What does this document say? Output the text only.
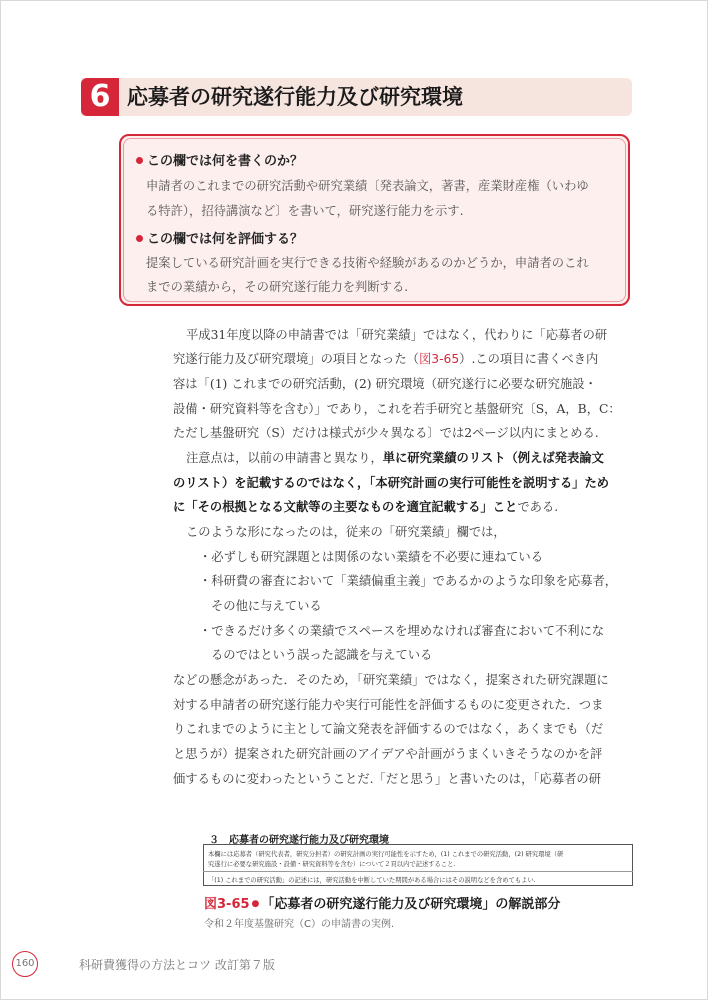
6 応募者の研究遂行能力及び研究環境
この欄では何を書くのか？
申請者のこれまでの研究活動や研究業績〔発表論文，著書，産業財産権（いわゆ
る特許），招待講演など〕を書いて，研究遂行能力を示す.
この欄では何を評価する？
提案している研究計画を実行できる技術や経験があるのかどうか，申請者のこれ
までの業績から，その研究遂行能力を判断する.
平成31年度以降の申請書では「研究業績」ではなく，代わりに「応募者の研
究遂行能力及び研究環境」の項目となった（図3-65）.この項目に書くべき内
容は「(1) これまでの研究活動，(2) 研究環境（研究遂行に必要な研究施設・
設備・研究資料等を含む）」であり，これを若手研究と基盤研究〔S，A，B，C：
ただし基盤研究（S）だけは様式が少々異なる〕では2ページ以内にまとめる.
注意点は，以前の申請書と異なり，単に研究業績のリスト（例えば発表論文
のリスト）を記載するのではなく，「本研究計画の実行可能性を説明する」ため
に「その根拠となる文献等の主要なものを適宜記載する」ことである.
このような形になったのは，従来の「研究業績」欄では，
・必ずしも研究課題とは関係のない業績を不必要に連ねている
・科研費の審査において「業績偏重主義」であるかのような印象を応募者，
その他に与えている
・できるだけ多くの業績でスペースを埋めなければ審査において不利にな
るのではという誤った認識を与えている
などの懸念があった．そのため，「研究業績」ではなく，提案された研究課題に
対する申請者の研究遂行能力や実行可能性を評価するものに変更された．つま
りこれまでのように主として論文発表を評価するのではなく，あくまでも（だ
と思うが）提案された研究計画のアイデアや計画がうまくいきそうなのかを評
価するものに変わったということだ.「だと思う」と書いたのは，「応募者の研
３　応募者の研究遂行能力及び研究環境
本欄には応募者（研究代表者，研究分担者）の研究計画の実行可能性を示すため，(1) これまでの研究活動，(2) 研究環境（研
究遂行に必要な研究施設・設備・研究資料等を含む）について２頁以内で記述すること.
「(1) これまでの研究活動」の記述には，研究活動を中断していた期間がある場合にはその説明などを含めてもよい.
図3-65 ● 「応募者の研究遂行能力及び研究環境」の解説部分
令和２年度基盤研究（C）の申請書の実例.
160	科研費獲得の方法とコツ 改訂第７版
